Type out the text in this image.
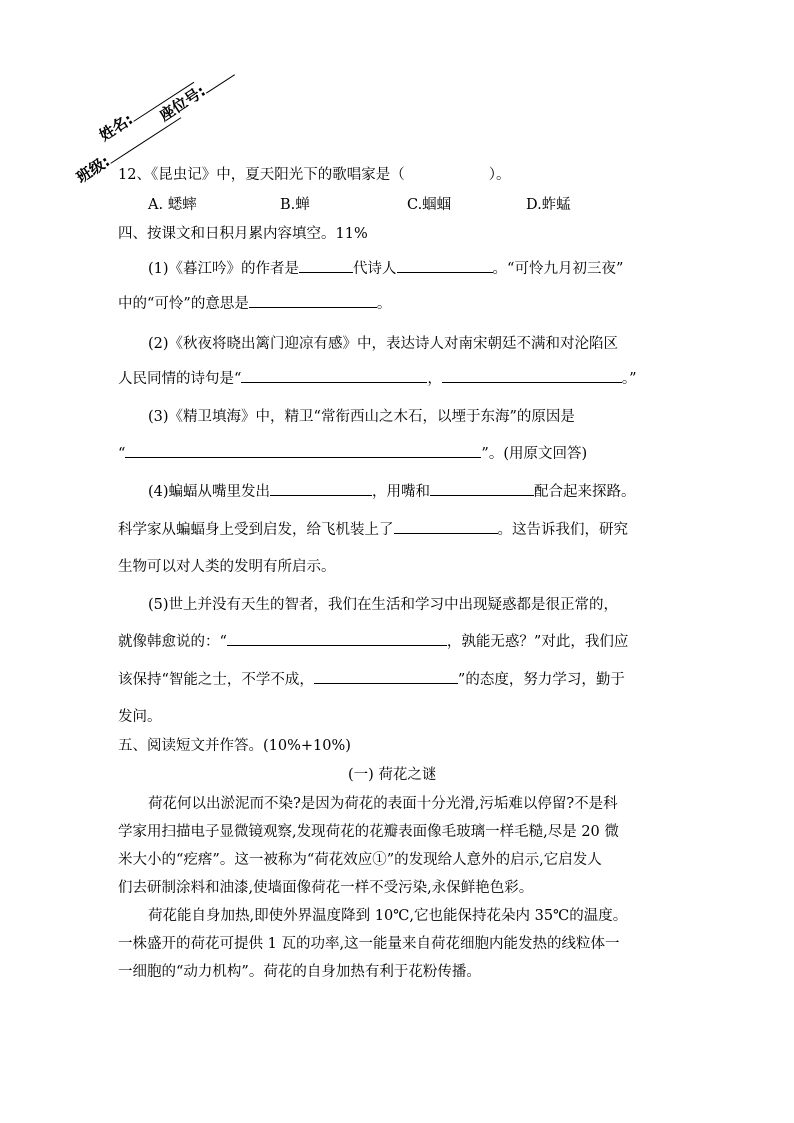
姓名:
座位号:
班级: 12、《昆虫记》中，夏天阳光下的歌唱家是（	）。
A. 蟋蟀	B.蝉	C.蝈蝈	D.蚱蜢
四、按课文和日积月累内容填空。11%
(1)《暮江吟》的作者是	代诗人	。“可怜九月初三夜”
中的“可怜”的意思是	。
(2)《秋夜将晓出篱门迎凉有感》中，表达诗人对南宋朝廷不满和对沦陷区
人民同情的诗句是“	，	。”
(3)《精卫填海》中，精卫“常衔西山之木石，以堙于东海”的原因是
“	”。(用原文回答)
(4)蝙蝠从嘴里发出	，用嘴和	配合起来探路。
科学家从蝙蝠身上受到启发，给飞机装上了	。这告诉我们，研究
生物可以对人类的发明有所启示。
(5)世上并没有天生的智者，我们在生活和学习中出现疑惑都是很正常的，
就像韩愈说的：“	，孰能无惑？”对此，我们应
该保持“智能之士，不学不成，	”的态度，努力学习，勤于
发问。
五、阅读短文并作答。(10%+10%)
(一) 荷花之谜
荷花何以出淤泥而不染?是因为荷花的表面十分光滑,污垢难以停留?不是科
学家用扫描电子显微镜观察,发现荷花的花瓣表面像毛玻璃一样毛糙,尽是 20 微
米大小的“疙瘩”。这一被称为“荷花效应①”的发现给人意外的启示,它启发人
们去研制涂料和油漆,使墙面像荷花一样不受污染,永保鲜艳色彩。
荷花能自身加热,即使外界温度降到 10℃,它也能保持花朵内 35℃的温度。
一株盛开的荷花可提供 1 瓦的功率,这一能量来自荷花细胞内能发热的线粒体一
一细胞的“动力机构”。荷花的自身加热有利于花粉传播。
